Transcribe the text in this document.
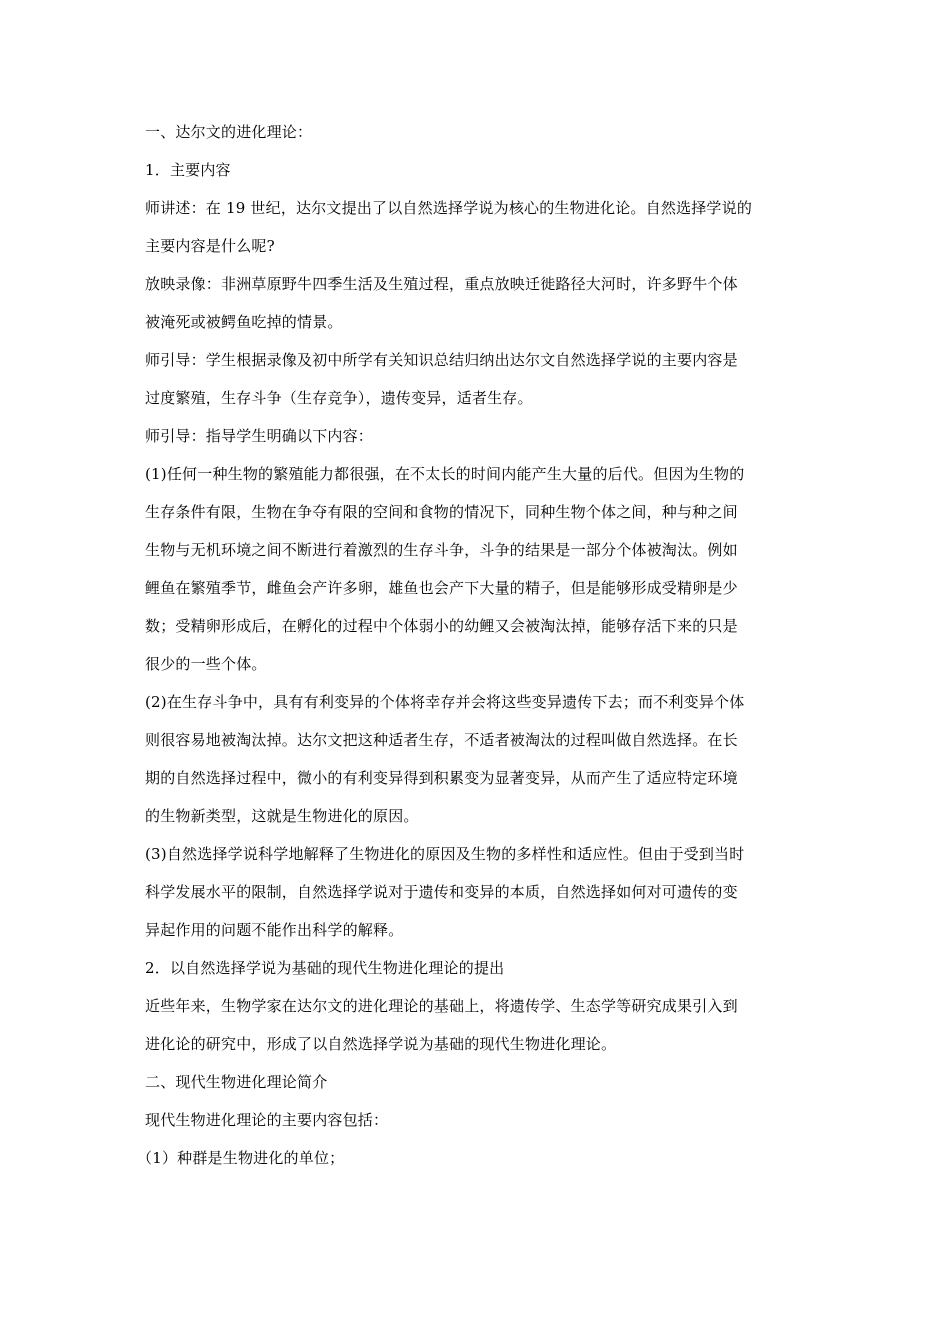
一、达尔文的进化理论：
1．主要内容
师讲述：在 19 世纪，达尔文提出了以自然选择学说为核心的生物进化论。自然选择学说的
主要内容是什么呢?
放映录像：非洲草原野牛四季生活及生殖过程，重点放映迁徙路径大河时，许多野牛个体
被淹死或被鳄鱼吃掉的情景。
师引导：学生根据录像及初中所学有关知识总结归纳出达尔文自然选择学说的主要内容是
过度繁殖，生存斗争（生存竞争），遗传变异，适者生存。
师引导：指导学生明确以下内容：
(1)任何一种生物的繁殖能力都很强，在不太长的时间内能产生大量的后代。但因为生物的
生存条件有限，生物在争夺有限的空间和食物的情况下，同种生物个体之间，种与种之间
生物与无机环境之间不断进行着激烈的生存斗争，斗争的结果是一部分个体被淘汰。例如
鲤鱼在繁殖季节，雌鱼会产许多卵，雄鱼也会产下大量的精子，但是能够形成受精卵是少
数；受精卵形成后，在孵化的过程中个体弱小的幼鲤又会被淘汰掉，能够存活下来的只是
很少的一些个体。
(2)在生存斗争中，具有有利变异的个体将幸存并会将这些变异遗传下去；而不利变异个体
则很容易地被淘汰掉。达尔文把这种适者生存，不适者被淘汰的过程叫做自然选择。在长
期的自然选择过程中，微小的有利变异得到积累变为显著变异，从而产生了适应特定环境
的生物新类型，这就是生物进化的原因。
(3)自然选择学说科学地解释了生物进化的原因及生物的多样性和适应性。但由于受到当时
科学发展水平的限制，自然选择学说对于遗传和变异的本质，自然选择如何对可遗传的变
异起作用的问题不能作出科学的解释。
2．以自然选择学说为基础的现代生物进化理论的提出
近些年来，生物学家在达尔文的进化理论的基础上，将遗传学、生态学等研究成果引入到
进化论的研究中，形成了以自然选择学说为基础的现代生物进化理论。
二、现代生物进化理论简介
现代生物进化理论的主要内容包括：
（1）种群是生物进化的单位；
